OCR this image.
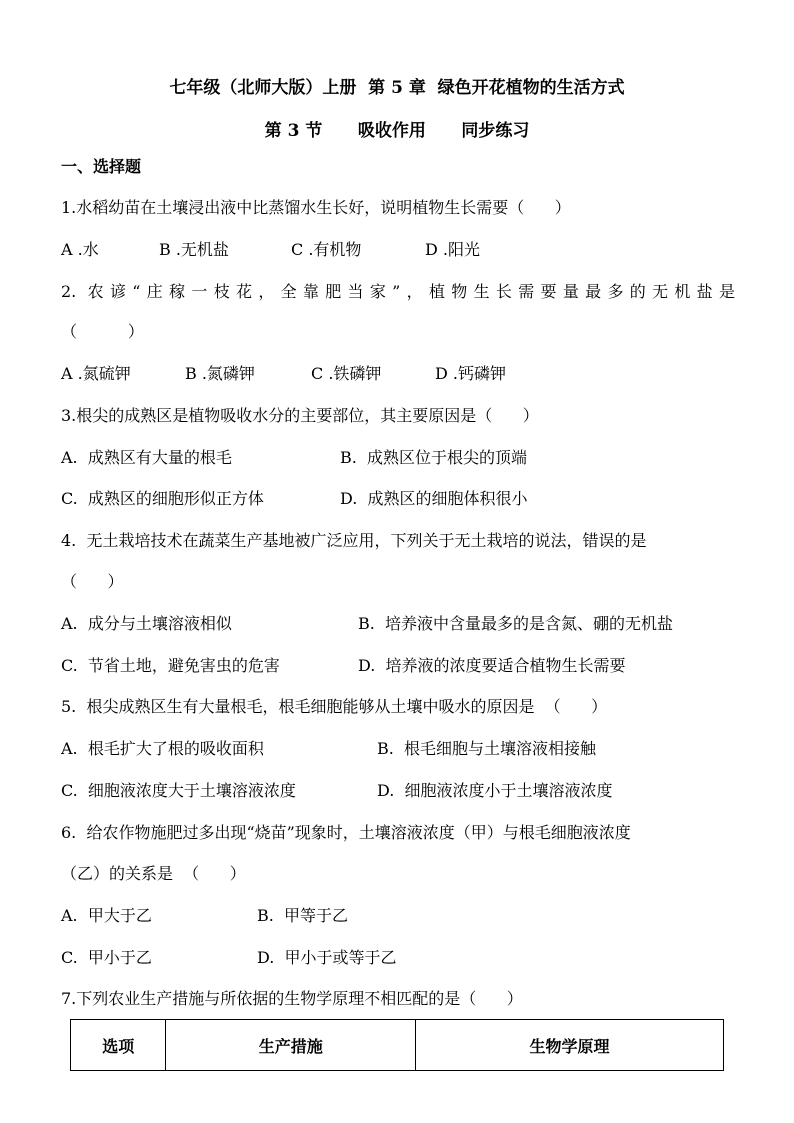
七年级（北师大版）上册  第 5 章  绿色开花植物的生活方式
第 3 节      吸收作用      同步练习
一、选择题
1.水稻幼苗在土壤浸出液中比蒸馏水生长好，说明植物生长需要（      ）
A .水	B .无机盐	C .有机物	D .阳光
2. 农谚“庄稼一枝花，全靠肥当家”，植物生长需要量最多的无机盐是
（          ）
A .氮硫钾	B .氮磷钾	C .铁磷钾	D .钙磷钾
3.根尖的成熟区是植物吸收水分的主要部位，其主要原因是（      ）
A.  成熟区有大量的根毛	B.  成熟区位于根尖的顶端
C.  成熟区的细胞形似正方体	D.  成熟区的细胞体积很小
4.  无土栽培技术在蔬菜生产基地被广泛应用，下列关于无土栽培的说法，错误的是
（      ）
A.  成分与土壤溶液相似	B.  培养液中含量最多的是含氮、硼的无机盐
C.  节省土地，避免害虫的危害	D.  培养液的浓度要适合植物生长需要
5.  根尖成熟区生有大量根毛，根毛细胞能够从土壤中吸水的原因是  （      ）
A.  根毛扩大了根的吸收面积	B.  根毛细胞与土壤溶液相接触
C.  细胞液浓度大于土壤溶液浓度	D.  细胞液浓度小于土壤溶液浓度
6.  给农作物施肥过多出现“烧苗”现象时，土壤溶液浓度（甲）与根毛细胞液浓度
（乙）的关系是  （      ）
A.  甲大于乙	B.  甲等于乙
C.  甲小于乙	D.  甲小于或等于乙
7.下列农业生产措施与所依据的生物学原理不相匹配的是（      ）
选项	生产措施	生物学原理
